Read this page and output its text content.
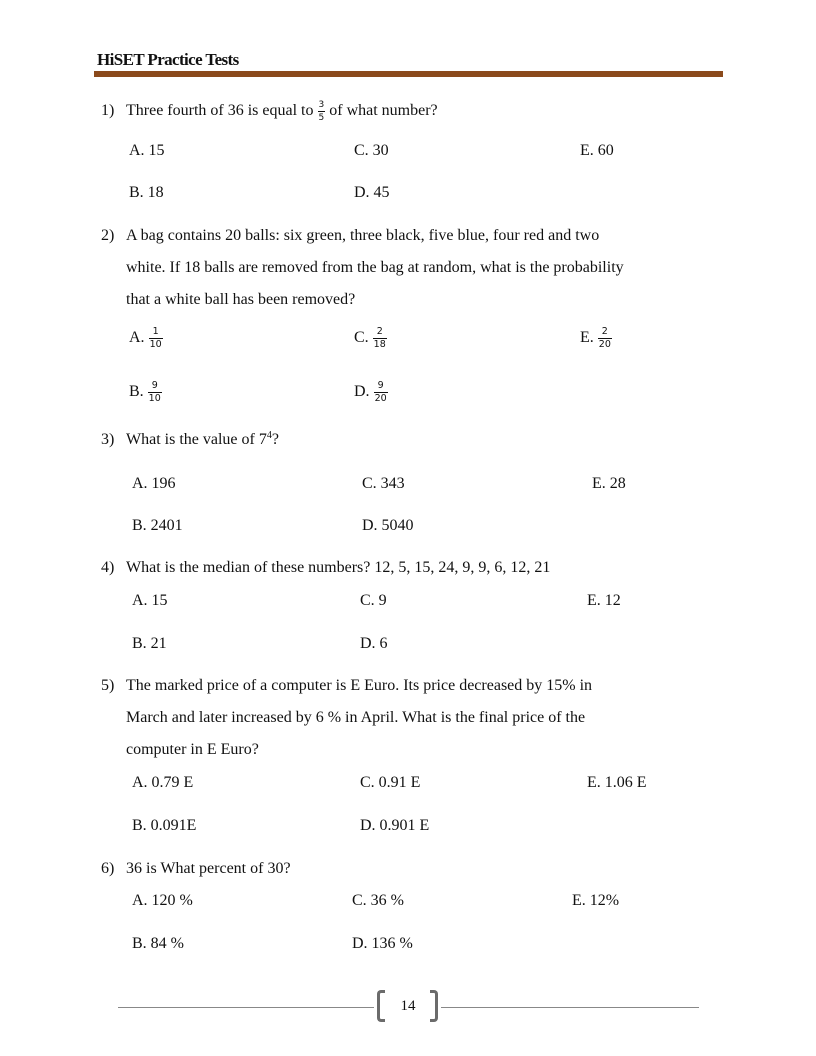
HiSET Practice Tests
1) Three fourth of 36 is equal to $\frac{3}{5}$ of what number?
A. 15	C. 30	E. 60
B. 18	D. 45
2) A bag contains 20 balls: six green, three black, five blue, four red and two
white. If 18 balls are removed from the bag at random, what is the probability
that a white ball has been removed?
A. $\frac{1}{10}$	C. $\frac{2}{18}$	E. $\frac{2}{20}$
B. $\frac{9}{10}$	D. $\frac{9}{20}$
3) What is the value of $7^4$?
A. 196	C. 343	E. 28
B. 2401	D. 5040
4) What is the median of these numbers? 12, 5, 15, 24, 9, 9, 6, 12, 21
A. 15	C. 9	E. 12
B. 21	D. 6
5) The marked price of a computer is E Euro. Its price decreased by 15% in
March and later increased by 6 % in April. What is the final price of the
computer in E Euro?
A. 0.79 E	C. 0.91 E	E. 1.06 E
B. 0.091E	D. 0.901 E
6) 36 is What percent of 30?
A. 120 %	C. 36 %	E. 12%
B. 84 %	D. 136 %
14
